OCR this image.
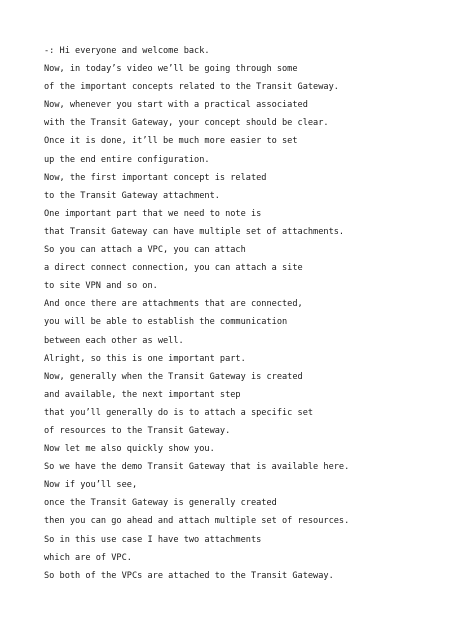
-: Hi everyone and welcome back.
Now, in today’s video we’ll be going through some
of the important concepts related to the Transit Gateway.
Now, whenever you start with a practical associated
with the Transit Gateway, your concept should be clear.
Once it is done, it’ll be much more easier to set
up the end entire configuration.
Now, the first important concept is related
to the Transit Gateway attachment.
One important part that we need to note is
that Transit Gateway can have multiple set of attachments.
So you can attach a VPC, you can attach
a direct connect connection, you can attach a site
to site VPN and so on.
And once there are attachments that are connected,
you will be able to establish the communication
between each other as well.
Alright, so this is one important part.
Now, generally when the Transit Gateway is created
and available, the next important step
that you’ll generally do is to attach a specific set
of resources to the Transit Gateway.
Now let me also quickly show you.
So we have the demo Transit Gateway that is available here.
Now if you’ll see,
once the Transit Gateway is generally created
then you can go ahead and attach multiple set of resources.
So in this use case I have two attachments
which are of VPC.
So both of the VPCs are attached to the Transit Gateway.
